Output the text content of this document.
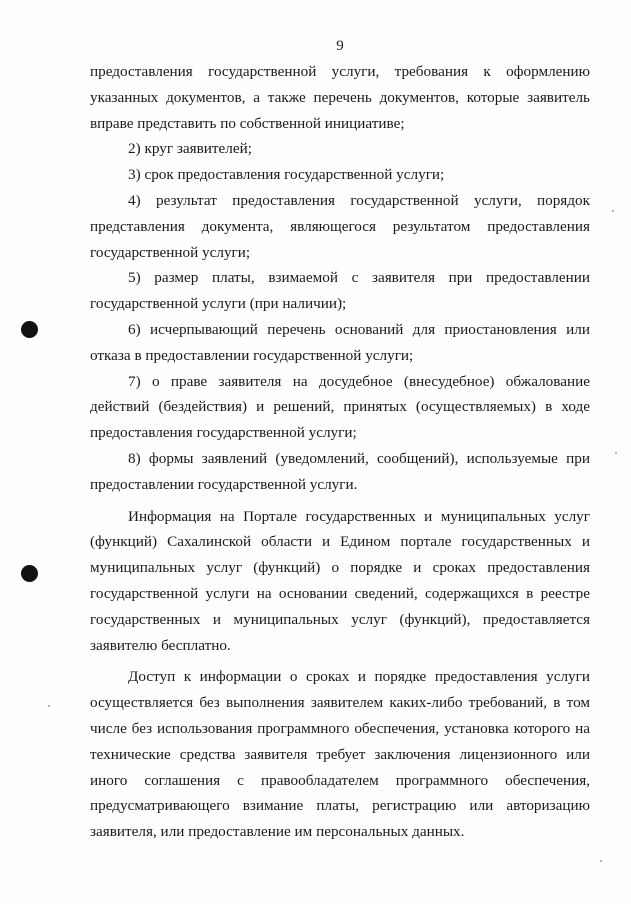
9

предоставления государственной услуги, требования к оформлению указанных документов, а также перечень документов, которые заявитель вправе представить по собственной инициативе;

2) круг заявителей;

3) срок предоставления государственной услуги;

4) результат предоставления государственной услуги, порядок представления документа, являющегося результатом предоставления государственной услуги;

5) размер платы, взимаемой с заявителя при предоставлении государственной услуги (при наличии);

6) исчерпывающий перечень оснований для приостановления или отказа в предоставлении государственной услуги;

7) о праве заявителя на досудебное (внесудебное) обжалование действий (бездействия) и решений, принятых (осуществляемых) в ходе предоставления государственной услуги;

8) формы заявлений (уведомлений, сообщений), используемые при предоставлении государственной услуги.

Информация на Портале государственных и муниципальных услуг (функций) Сахалинской области и Едином портале государственных и муниципальных услуг (функций) о порядке и сроках предоставления государственной услуги на основании сведений, содержащихся в реестре государственных и муниципальных услуг (функций), предоставляется заявителю бесплатно.

Доступ к информации о сроках и порядке предоставления услуги осуществляется без выполнения заявителем каких-либо требований, в том числе без использования программного обеспечения, установка которого на технические средства заявителя требует заключения лицензионного или иного соглашения с правообладателем программного обеспечения, предусматривающего взимание платы, регистрацию или авторизацию заявителя, или предоставление им персональных данных.
